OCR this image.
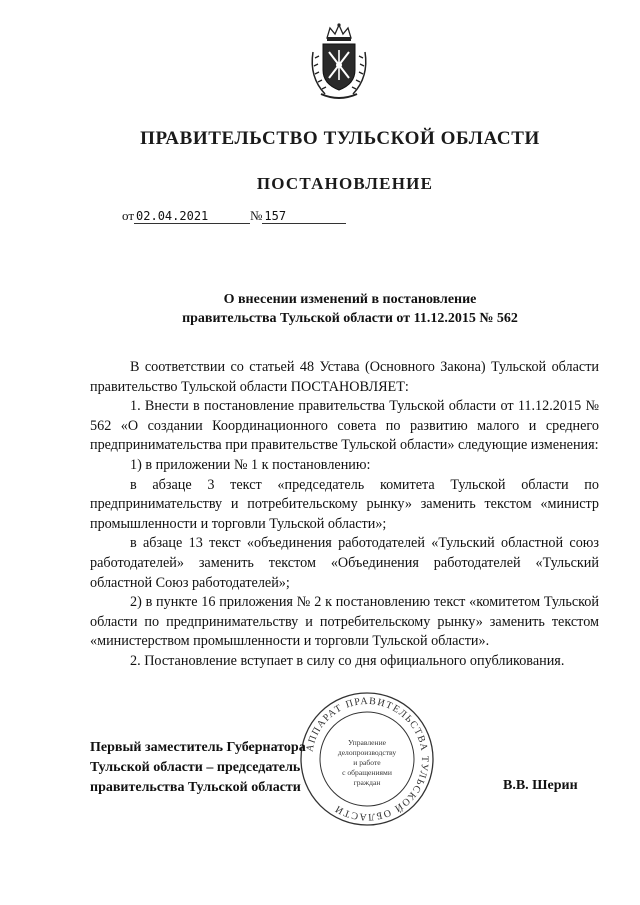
ПРАВИТЕЛЬСТВО ТУЛЬСКОЙ ОБЛАСТИ
ПОСТАНОВЛЕНИЕ
от 02.04.2021	№ 157
О внесении изменений в постановление
правительства Тульской области от 11.12.2015 № 562

В соответствии со статьей 48 Устава (Основного Закона) Тульской области правительство Тульской области ПОСТАНОВЛЯЕТ:

1. Внести в постановление правительства Тульской области от 11.12.2015 № 562 «О создании Координационного совета по развитию малого и среднего предпринимательства при правительстве Тульской области» следующие изменения:

1) в приложении № 1 к постановлению:

в абзаце 3 текст «председатель комитета Тульской области по предпринимательству и потребительскому рынку» заменить текстом «министр промышленности и торговли Тульской области»;

в абзаце 13 текст «объединения работодателей «Тульский областной союз работодателей» заменить текстом «Объединения работодателей «Тульский областной Союз работодателей»;

2) в пункте 16 приложения № 2 к постановлению текст «комитетом Тульской области по предпринимательству и потребительскому рынку» заменить текстом «министерством промышленности и торговли Тульской области».

2. Постановление вступает в силу со дня официального опубликования.

АППАРАТ ПРАВИТЕЛЬСТВА ТУЛЬСКОЙ ОБЛАСТИ
Управление
делопроизводству
и работе
с обращениями
граждан
Первый заместитель Губернатора
Тульской области – председатель
правительства Тульской области	В.В. Шерин
